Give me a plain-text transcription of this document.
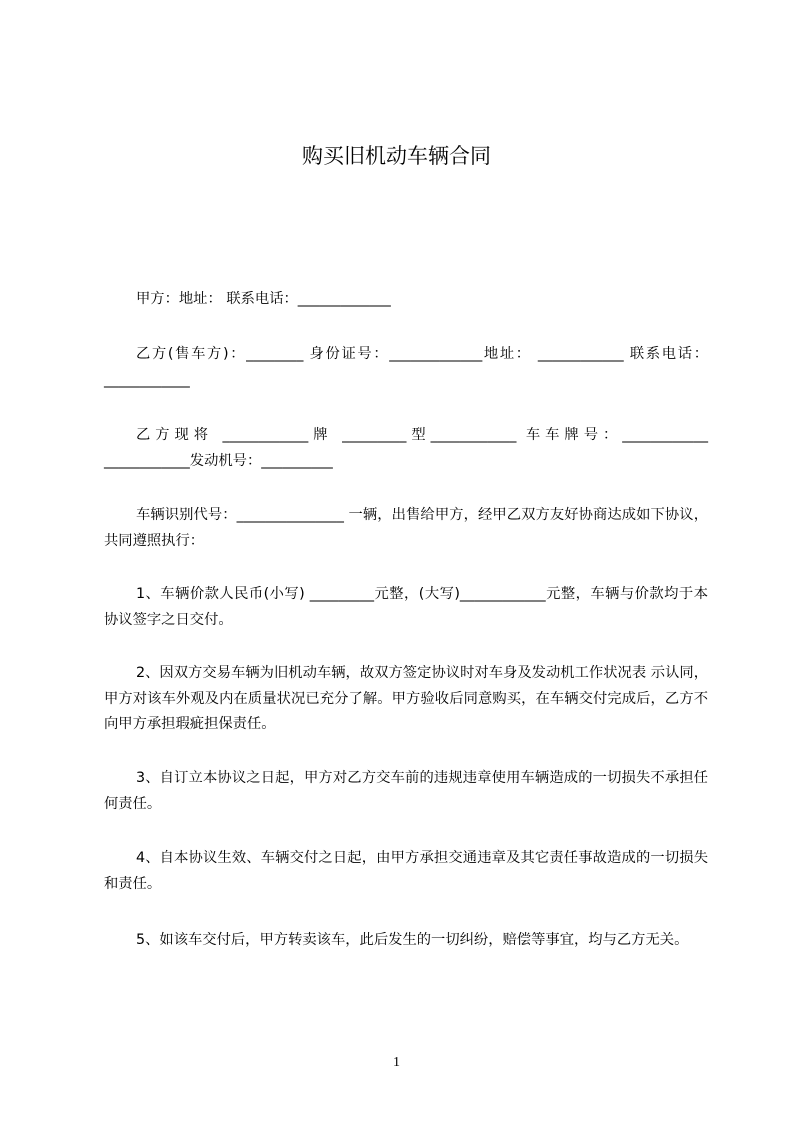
购买旧机动车辆合同
甲方：地址： 联系电话：_____________
乙方(售车方)：________ 身份证号：_____________地址： ____________ 联系电话：____________
乙方现将 ____________牌 _________型____________ 车车牌号：____________ ____________发动机号：__________
车辆识别代号：_______________ 一辆，出售给甲方，经甲乙双方友好协商达成如下协议，共同遵照执行：
1、车辆价款人民币(小写) _________元整，(大写)____________元整，车辆与价款均于本协议签字之日交付。
2、因双方交易车辆为旧机动车辆，故双方签定协议时对车身及发动机工作状况表 示认同，甲方对该车外观及内在质量状况已充分了解。甲方验收后同意购买，在车辆交付完成后，乙方不向甲方承担瑕疵担保责任。
3、自订立本协议之日起，甲方对乙方交车前的违规违章使用车辆造成的一切损失不承担任何责任。
4、自本协议生效、车辆交付之日起，由甲方承担交通违章及其它责任事故造成的一切损失和责任。
5、如该车交付后，甲方转卖该车，此后发生的一切纠纷，赔偿等事宜，均与乙方无关。
1
